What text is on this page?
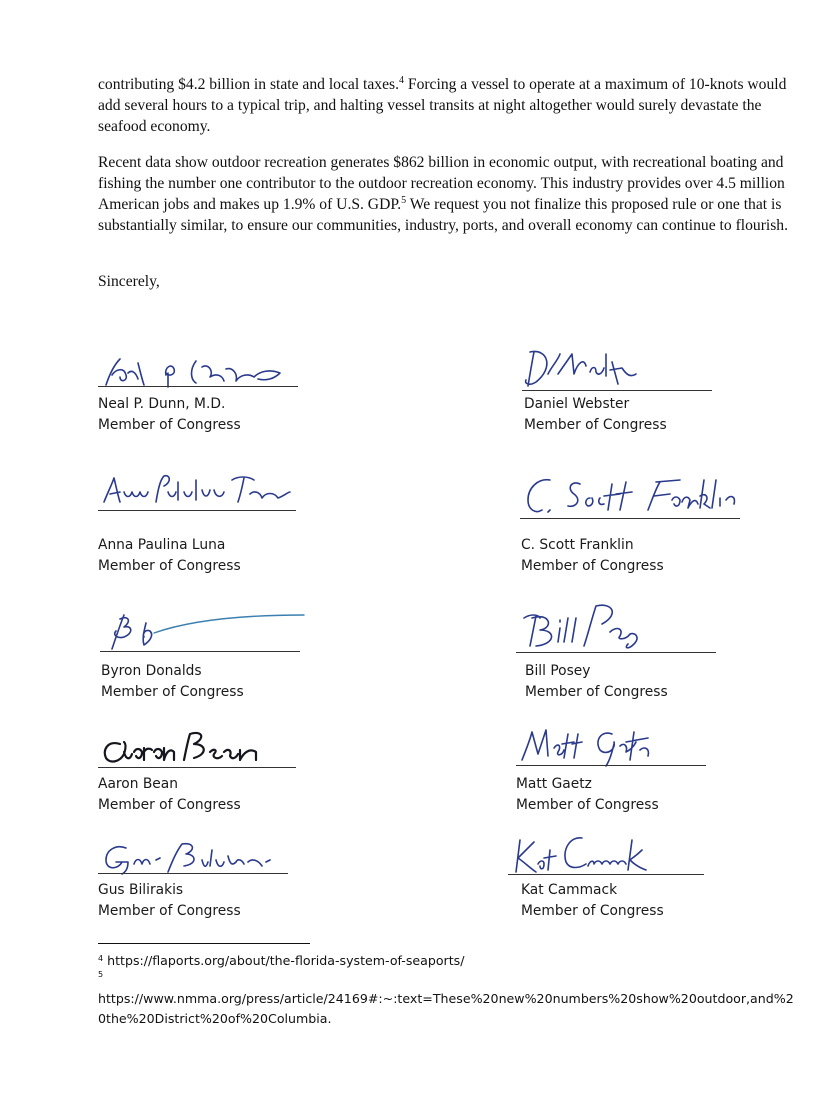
contributing $4.2 billion in state and local taxes.$^4$ Forcing a vessel to operate at a maximum of 10-knots would add several hours to a typical trip, and halting vessel transits at night altogether would surely devastate the seafood economy.

Recent data show outdoor recreation generates $862 billion in economic output, with recreational boating and fishing the number one contributor to the outdoor recreation economy. This industry provides over 4.5 million American jobs and makes up 1.9% of U.S. GDP.$^5$ We request you not finalize this proposed rule or one that is substantially similar, to ensure our communities, industry, ports, and overall economy can continue to flourish.

Sincerely,
Neal P. Dunn, M.D.
Member of Congress
Anna Paulina Luna
Member of Congress
Byron Donalds
Member of Congress
Aaron Bean
Member of Congress
Gus Bilirakis
Member of Congress
Daniel Webster
Member of Congress
C. Scott Franklin
Member of Congress
Bill Posey
Member of Congress
Matt Gaetz
Member of Congress
Kat Cammack
Member of Congress
$^4$ https://flaports.org/about/the-florida-system-of-seaports/
5
https://www.nmma.org/press/article/24169#:~:text=These%20new%20numbers%20show%20outdoor,and%20the%20District%20of%20Columbia.
